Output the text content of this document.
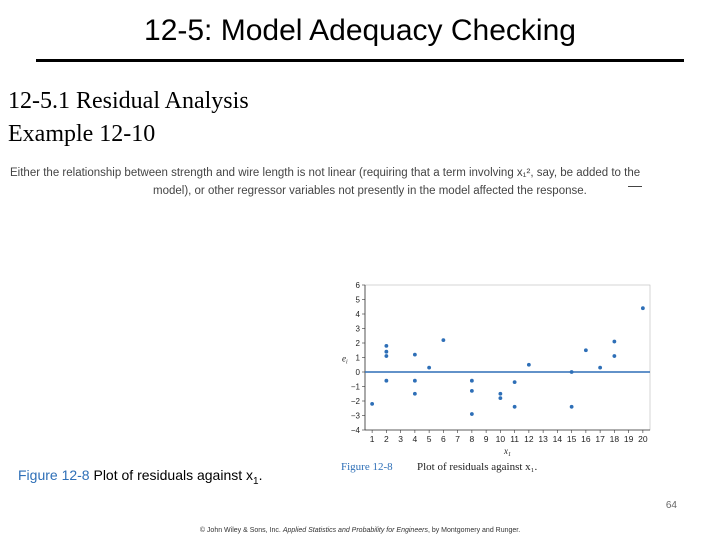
12-5: Model Adequacy Checking
12-5.1 Residual Analysis
Example 12-10
Either the relationship between strength and wire length is not linear (requiring that a term involving x₁², say, be added to the
model), or other regressor variables not presently in the model affected the response.
−4
−3
−2
−1
0
1
2
3
4
5
6
1 2 3 4 5 6 7 8 9 10 11 12 13 14 15 16 17 18 19 20
$e_i$
$x_1$
Figure 12-8 Plot of residuals against x₁.
Figure 12-8 Plot of residuals against $x_1$.
64
© John Wiley & Sons, Inc. Applied Statistics and Probability for Engineers, by Montgomery and Runger.
